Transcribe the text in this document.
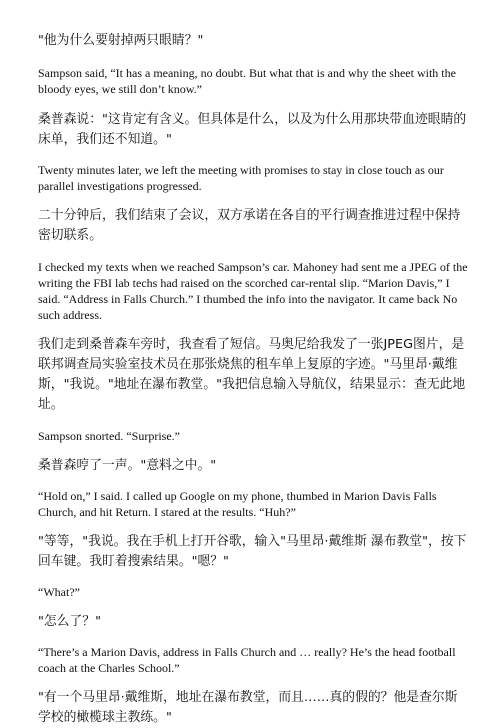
"他为什么要射掉两只眼睛？"

Sampson said, “It has a meaning, no doubt. But what that is and why the sheet with the bloody eyes, we still don’t know.”

桑普森说："这肯定有含义。但具体是什么，以及为什么用那块带血迹眼睛的床单，我们还不知道。"

Twenty minutes later, we left the meeting with promises to stay in close touch as our parallel investigations progressed.

二十分钟后，我们结束了会议，双方承诺在各自的平行调查推进过程中保持密切联系。

I checked my texts when we reached Sampson’s car. Mahoney had sent me a JPEG of the writing the FBI lab techs had raised on the scorched car-rental slip. “Marion Davis,” I said. “Address in Falls Church.” I thumbed the info into the navigator. It came back No such address.

我们走到桑普森车旁时，我查看了短信。马奥尼给我发了一张JPEG图片，是联邦调查局实验室技术员在那张烧焦的租车单上复原的字迹。"马里昂·戴维斯，"我说。"地址在瀑布教堂。"我把信息输入导航仪，结果显示：查无此地址。

Sampson snorted. “Surprise.”

桑普森哼了一声。"意料之中。"

“Hold on,” I said. I called up Google on my phone, thumbed in Marion Davis Falls Church, and hit Return. I stared at the results. “Huh?”

"等等，"我说。我在手机上打开谷歌，输入"马里昂·戴维斯 瀑布教堂"，按下回车键。我盯着搜索结果。"嗯？"

“What?”

"怎么了？"

“There’s a Marion Davis, address in Falls Church and … really? He’s the head football coach at the Charles School.”

"有一个马里昂·戴维斯，地址在瀑布教堂，而且……真的假的？他是查尔斯学校的橄榄球主教练。"
